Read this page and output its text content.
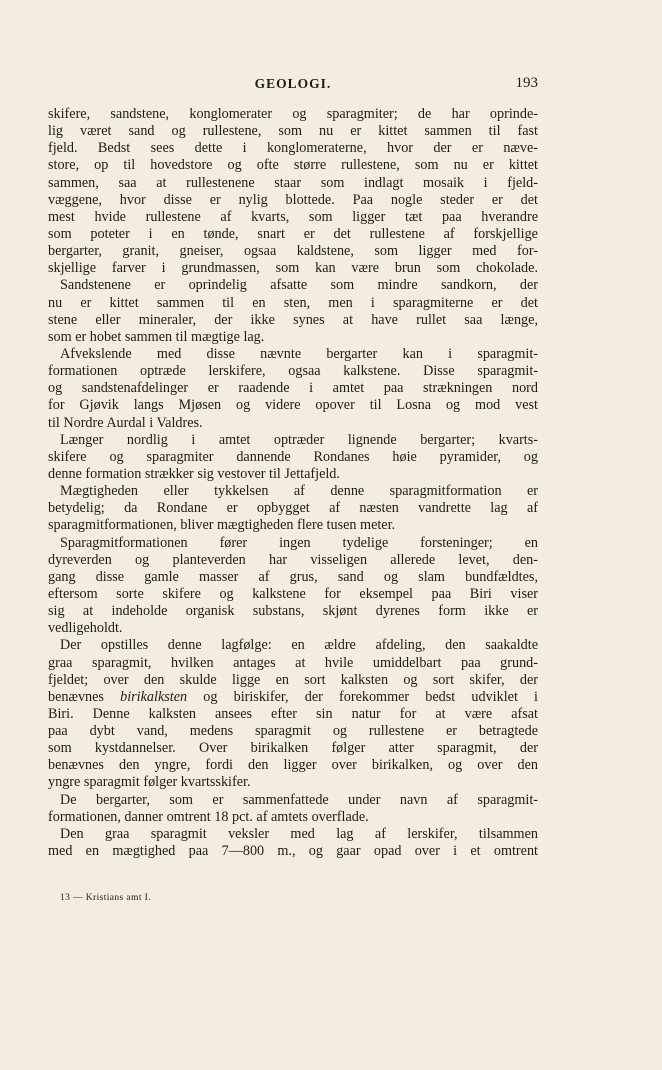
GEOLOGI.	193
skifere, sandstene, konglomerater og sparagmiter; de har oprinde-
lig været sand og rullestene, som nu er kittet sammen til fast
fjeld. Bedst sees dette i konglomeraterne, hvor der er næve-
store, op til hovedstore og ofte større rullestene, som nu er kittet
sammen, saa at rullestenene staar som indlagt mosaik i fjeld-
væggene, hvor disse er nylig blottede. Paa nogle steder er det
mest hvide rullestene af kvarts, som ligger tæt paa hverandre
som poteter i en tønde, snart er det rullestene af forskjellige
bergarter, granit, gneiser, ogsaa kaldstene, som ligger med for-
skjellige farver i grundmassen, som kan være brun som chokolade.
Sandstenene er oprindelig afsatte som mindre sandkorn, der
nu er kittet sammen til en sten, men i sparagmiterne er det
stene eller mineraler, der ikke synes at have rullet saa længe,
som er hobet sammen til mægtige lag.
Afvekslende med disse nævnte bergarter kan i sparagmit-
formationen optræde lerskifere, ogsaa kalkstene. Disse sparagmit-
og sandstenafdelinger er raadende i amtet paa strækningen nord
for Gjøvik langs Mjøsen og videre opover til Losna og mod vest
til Nordre Aurdal i Valdres.
Længer nordlig i amtet optræder lignende bergarter; kvarts-
skifere og sparagmiter dannende Rondanes høie pyramider, og
denne formation strækker sig vestover til Jettafjeld.
Mægtigheden eller tykkelsen af denne sparagmitformation er
betydelig; da Rondane er opbygget af næsten vandrette lag af
sparagmitformationen, bliver mægtigheden flere tusen meter.
Sparagmitformationen fører ingen tydelige forsteninger; en
dyreverden og planteverden har visseligen allerede levet, den-
gang disse gamle masser af grus, sand og slam bundfældtes,
eftersom sorte skifere og kalkstene for eksempel paa Biri viser
sig at indeholde organisk substans, skjønt dyrenes form ikke er
vedligeholdt.
Der opstilles denne lagfølge: en ældre afdeling, den saakaldte
graa sparagmit, hvilken antages at hvile umiddelbart paa grund-
fjeldet; over den skulde ligge en sort kalksten og sort skifer, der
benævnes birikalksten og biriskifer, der forekommer bedst udviklet i
Biri. Denne kalksten ansees efter sin natur for at være afsat
paa dybt vand, medens sparagmit og rullestene er betragtede
som kystdannelser. Over birikalken følger atter sparagmit, der
benævnes den yngre, fordi den ligger over birikalken, og over den
yngre sparagmit følger kvartsskifer.
De bergarter, som er sammenfattede under navn af sparagmit-
formationen, danner omtrent 18 pct. af amtets overflade.
Den graa sparagmit veksler med lag af lerskifer, tilsammen
med en mægtighed paa 7—800 m., og gaar opad over i et omtrent
13 — Kristians amt I.
